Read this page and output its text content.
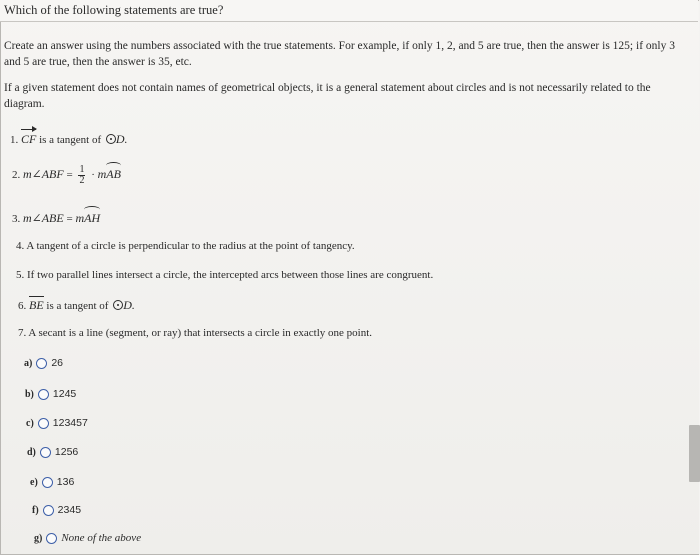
Which of the following statements are true?
Create an answer using the numbers associated with the true statements. For example, if only 1, 2, and 5 are true, then the answer is 125; if only 3 and 5 are true, then the answer is 35, etc.
If a given statement does not contain names of geometrical objects, it is a general statement about circles and is not necessarily related to the diagram.
1. CF is a tangent of D.
2. m∠ABF = $\frac{1}{2}$ · mAB
3. m∠ABE = mAH
4. A tangent of a circle is perpendicular to the radius at the point of tangency.
5. If two parallel lines intersect a circle, the intercepted arcs between those lines are congruent.
6. BE is a tangent of D.
7. A secant is a line (segment, or ray) that intersects a circle in exactly one point.
a) 26
b) 1245
c) 123457
d) 1256
e) 136
f) 2345
g) None of the above
